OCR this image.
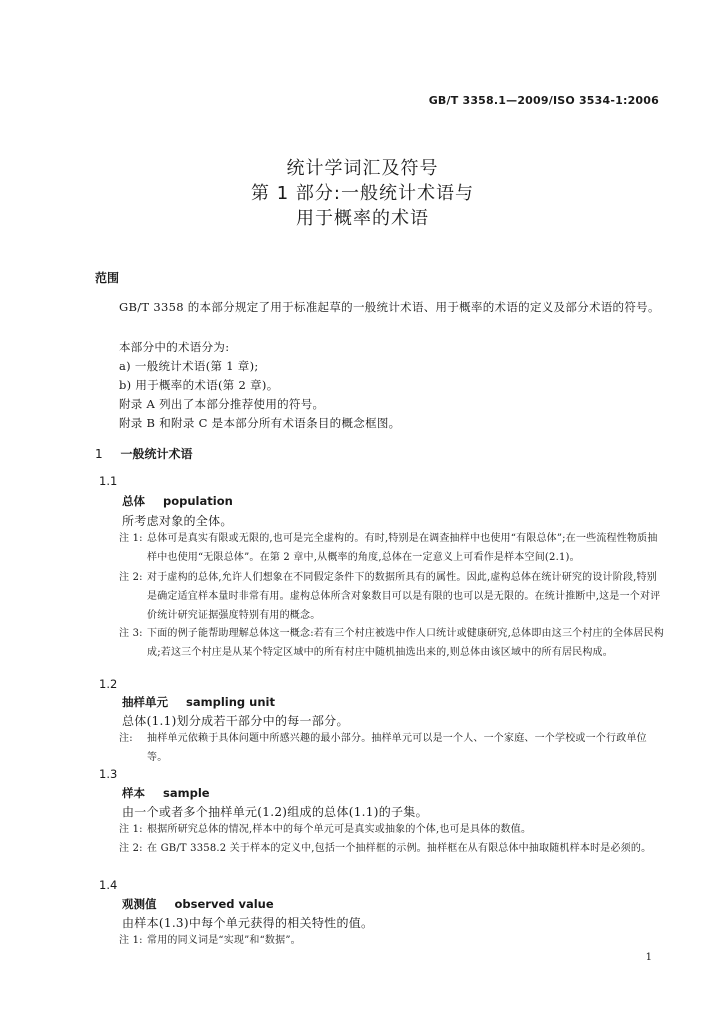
GB/T 3358.1—2009/ISO 3534-1:2006
统计学词汇及符号
第 1 部分:一般统计术语与
用于概率的术语
范围
GB/T 3358 的本部分规定了用于标准起草的一般统计术语、用于概率的术语的定义及部分术语的符号。
本部分中的术语分为:
a) 一般统计术语(第 1 章);
b) 用于概率的术语(第 2 章)。
附录 A 列出了本部分推荐使用的符号。
附录 B 和附录 C 是本部分所有术语条目的概念框图。
1 一般统计术语
1.1
总体 population
所考虑对象的全体。
注 1: 总体可是真实有限或无限的,也可是完全虚构的。有时,特别是在调查抽样中也使用“有限总体”;在一些流程性物质抽样中也使用“无限总体”。在第 2 章中,从概率的角度,总体在一定意义上可看作是样本空间(2.1)。
注 2: 对于虚构的总体,允许人们想象在不同假定条件下的数据所具有的属性。因此,虚构总体在统计研究的设计阶段,特别是确定适宜样本量时非常有用。虚构总体所含对象数目可以是有限的也可以是无限的。在统计推断中,这是一个对评价统计研究证据强度特别有用的概念。
注 3: 下面的例子能帮助理解总体这一概念:若有三个村庄被选中作人口统计或健康研究,总体即由这三个村庄的全体居民构成;若这三个村庄是从某个特定区域中的所有村庄中随机抽选出来的,则总体由该区域中的所有居民构成。
1.2
抽样单元 sampling unit
总体(1.1)划分成若干部分中的每一部分。
注:	抽样单元依赖于具体问题中所感兴趣的最小部分。抽样单元可以是一个人、一个家庭、一个学校或一个行政单位等。
1.3
样本 sample
由一个或者多个抽样单元(1.2)组成的总体(1.1)的子集。
注 1: 根据所研究总体的情况,样本中的每个单元可是真实或抽象的个体,也可是具体的数值。
注 2: 在 GB/T 3358.2 关于样本的定义中,包括一个抽样框的示例。抽样框在从有限总体中抽取随机样本时是必须的。
1.4
观测值 observed value
由样本(1.3)中每个单元获得的相关特性的值。
注 1: 常用的同义词是“实现”和“数据”。
1
